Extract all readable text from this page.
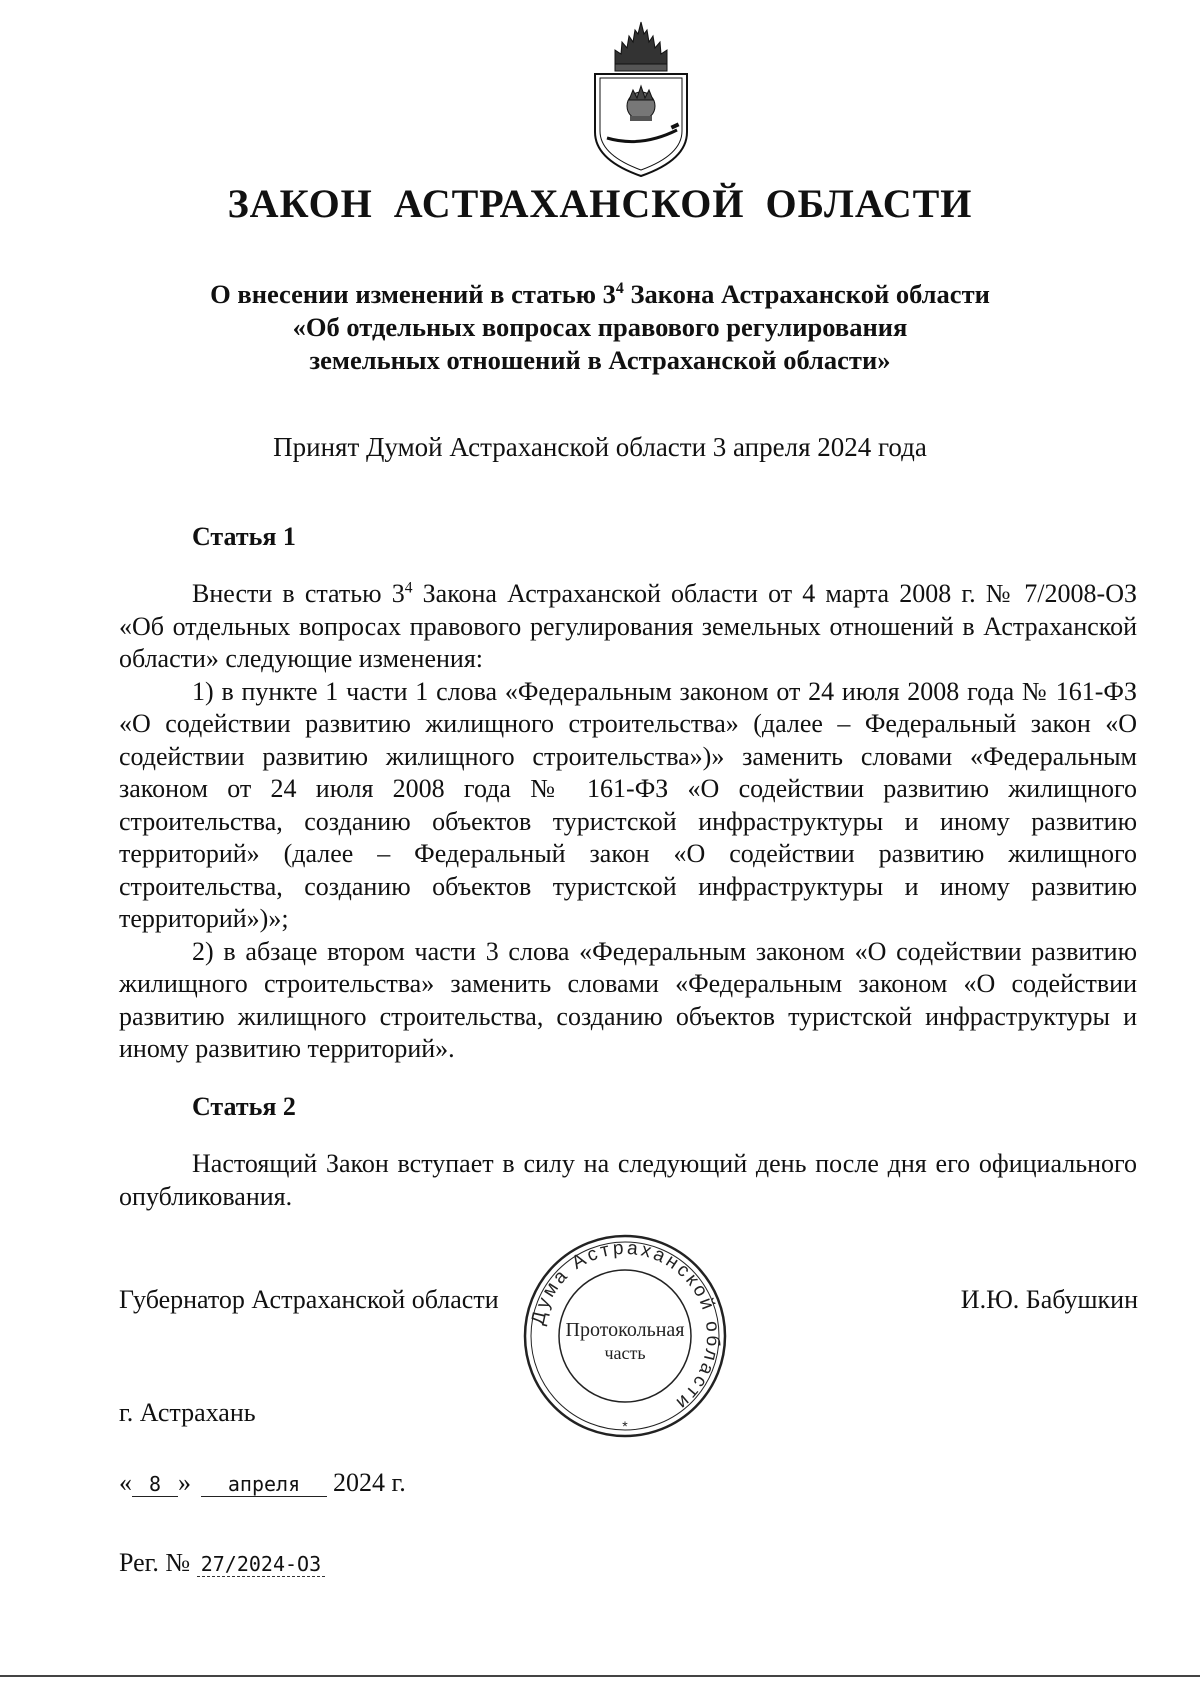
ЗАКОН АСТРАХАНСКОЙ ОБЛАСТИ
О внесении изменений в статью $3^4$ Закона Астраханской области
«Об отдельных вопросах правового регулирования
земельных отношений в Астраханской области»
Принят Думой Астраханской области 3 апреля 2024 года
Статья 1

Внести в статью $3^4$ Закона Астраханской области от 4 марта 2008 г. № 7/2008-ОЗ «Об отдельных вопросах правового регулирования земельных отношений в Астраханской области» следующие изменения:

1) в пункте 1 части 1 слова «Федеральным законом от 24 июля 2008 года № 161-ФЗ «О содействии развитию жилищного строительства» (далее – Федеральный закон «О содействии развитию жилищного строительства»)» заменить словами «Федеральным законом от 24 июля 2008 года № 161-ФЗ «О содействии развитию жилищного строительства, созданию объектов туристской инфраструктуры и иному развитию территорий» (далее – Федеральный закон «О содействии развитию жилищного строительства, созданию объектов туристской инфраструктуры и иному развитию территорий»)»;

2) в абзаце втором части 3 слова «Федеральным законом «О содействии развитию жилищного строительства» заменить словами «Федеральным законом «О содействии развитию жилищного строительства, созданию объектов туристской инфраструктуры и иному развитию территорий».

Статья 2

Настоящий Закон вступает в силу на следующий день после дня его официального опубликования.

Губернатор Астраханской области	И.Ю. Бабушкин
Дума Астраханской области
Протокольная
часть
*
г. Астрахань
« 8 » апреля 2024 г.
Рег. № 27/2024-ОЗ
